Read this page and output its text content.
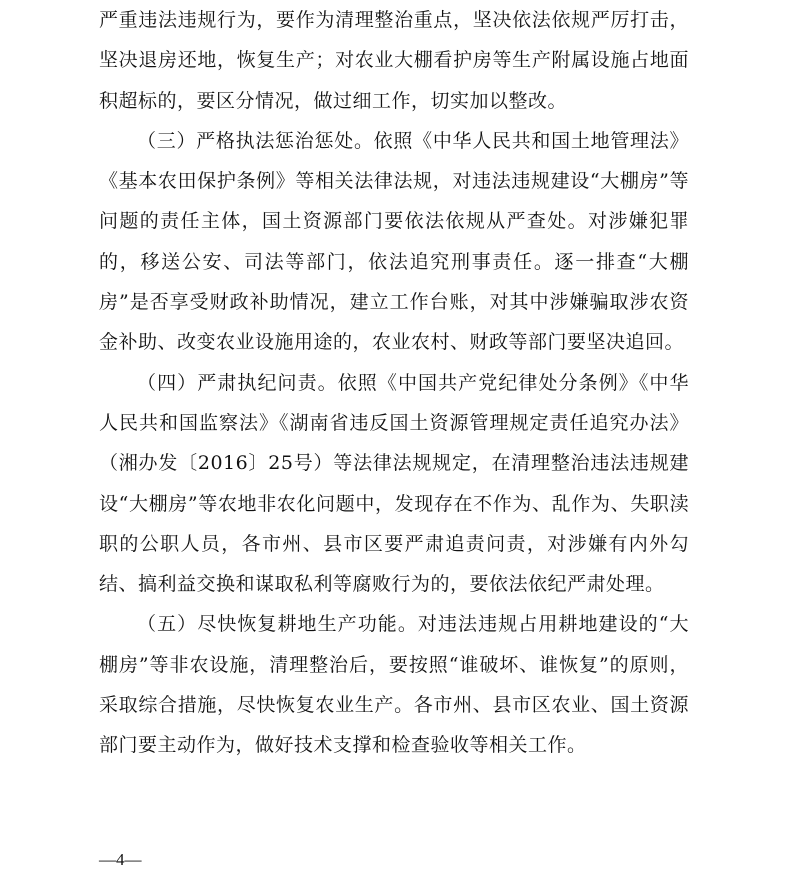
严重违法违规行为，要作为清理整治重点，坚决依法依规严厉打击，坚决退房还地，恢复生产；对农业大棚看护房等生产附属设施占地面积超标的，要区分情况，做过细工作，切实加以整改。

（三）严格执法惩治惩处。依照《中华人民共和国土地管理法》《基本农田保护条例》等相关法律法规，对违法违规建设“大棚房”等问题的责任主体，国土资源部门要依法依规从严查处。对涉嫌犯罪的，移送公安、司法等部门，依法追究刑事责任。逐一排查“大棚房”是否享受财政补助情况，建立工作台账，对其中涉嫌骗取涉农资金补助、改变农业设施用途的，农业农村、财政等部门要坚决追回。

（四）严肃执纪问责。依照《中国共产党纪律处分条例》《中华人民共和国监察法》《湖南省违反国土资源管理规定责任追究办法》（湘办发〔2016〕25号）等法律法规规定，在清理整治违法违规建设“大棚房”等农地非农化问题中，发现存在不作为、乱作为、失职渎职的公职人员，各市州、县市区要严肃追责问责，对涉嫌有内外勾结、搞利益交换和谋取私利等腐败行为的，要依法依纪严肃处理。

（五）尽快恢复耕地生产功能。对违法违规占用耕地建设的“大棚房”等非农设施，清理整治后，要按照“谁破坏、谁恢复”的原则，采取综合措施，尽快恢复农业生产。各市州、县市区农业、国土资源部门要主动作为，做好技术支撑和检查验收等相关工作。

—4—
